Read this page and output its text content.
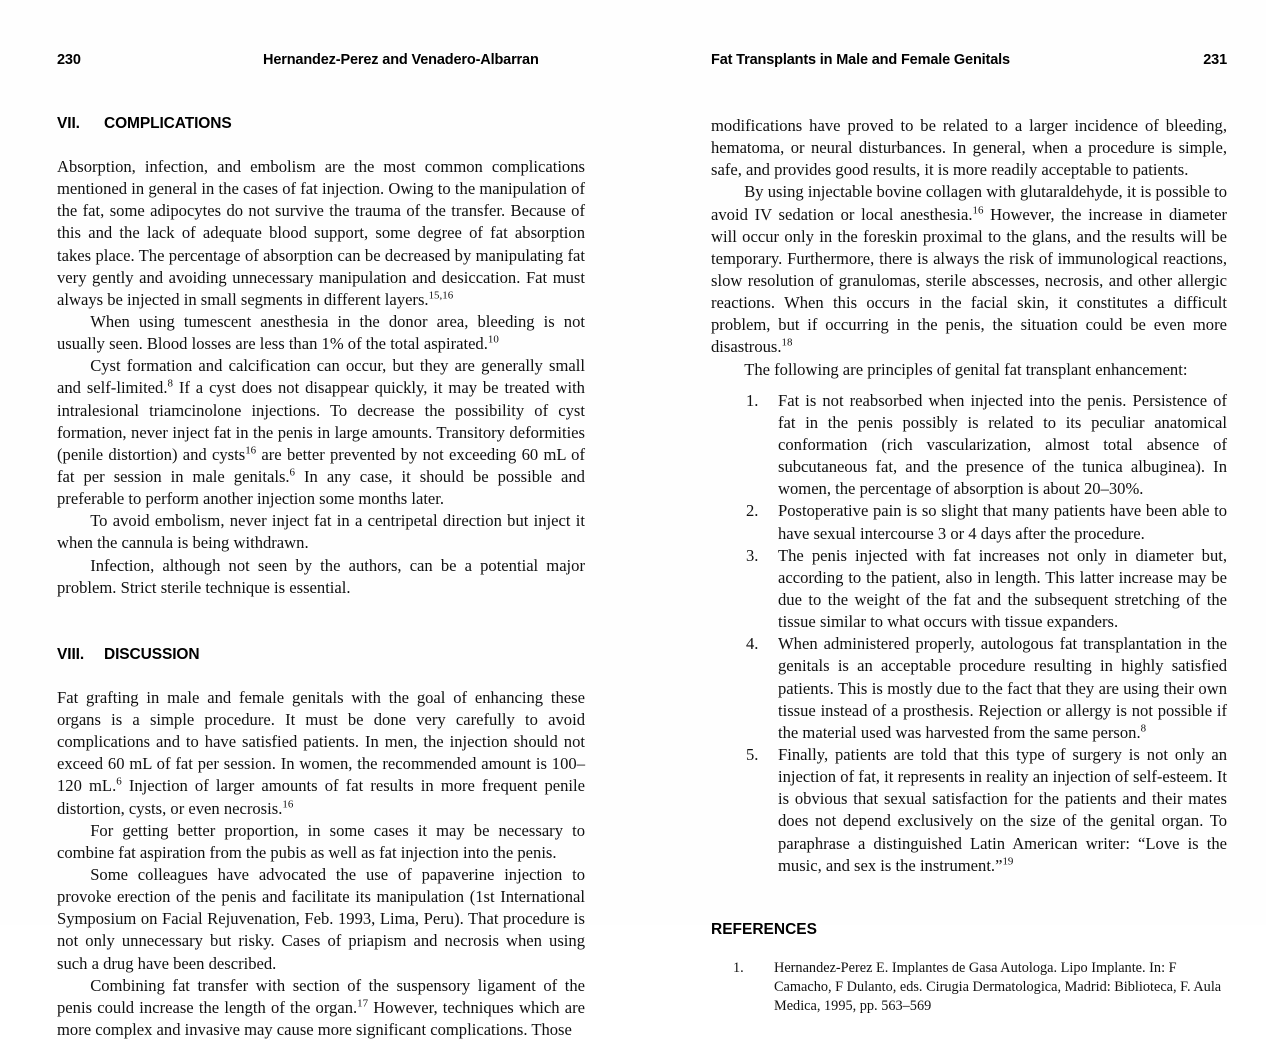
230	Hernandez-Perez and Venadero-Albarran
VII.	COMPLICATIONS

Absorption, infection, and embolism are the most common complications mentioned in general in the cases of fat injection. Owing to the manipulation of the fat, some adipocytes do not survive the trauma of the transfer. Because of this and the lack of adequate blood support, some degree of fat absorption takes place. The percentage of absorption can be decreased by manipulating fat very gently and avoiding unnecessary manipulation and desiccation. Fat must always be injected in small segments in different layers.$^{15,16}$

When using tumescent anesthesia in the donor area, bleeding is not usually seen. Blood losses are less than 1% of the total aspirated.$^{10}$

Cyst formation and calcification can occur, but they are generally small and self-limited.$^8$ If a cyst does not disappear quickly, it may be treated with intralesional triamcinolone injections. To decrease the possibility of cyst formation, never inject fat in the penis in large amounts. Transitory deformities (penile distortion) and cysts$^{16}$ are better prevented by not exceeding 60 mL of fat per session in male genitals.$^6$ In any case, it should be possible and preferable to perform another injection some months later.

To avoid embolism, never inject fat in a centripetal direction but inject it when the cannula is being withdrawn.

Infection, although not seen by the authors, can be a potential major problem. Strict sterile technique is essential.

VIII.	DISCUSSION

Fat grafting in male and female genitals with the goal of enhancing these organs is a simple procedure. It must be done very carefully to avoid complications and to have satisfied patients. In men, the injection should not exceed 60 mL of fat per session. In women, the recommended amount is 100–120 mL.$^6$ Injection of larger amounts of fat results in more frequent penile distortion, cysts, or even necrosis.$^{16}$

For getting better proportion, in some cases it may be necessary to combine fat aspiration from the pubis as well as fat injection into the penis.

Some colleagues have advocated the use of papaverine injection to provoke erection of the penis and facilitate its manipulation (1st International Symposium on Facial Rejuvenation, Feb. 1993, Lima, Peru). That procedure is not only unnecessary but risky. Cases of priapism and necrosis when using such a drug have been described.

Combining fat transfer with section of the suspensory ligament of the penis could increase the length of the organ.$^{17}$ However, techniques which are more complex and invasive may cause more significant complications. Those

Fat Transplants in Male and Female Genitals	231

modifications have proved to be related to a larger incidence of bleeding, hematoma, or neural disturbances. In general, when a procedure is simple, safe, and provides good results, it is more readily acceptable to patients.

By using injectable bovine collagen with glutaraldehyde, it is possible to avoid IV sedation or local anesthesia.$^{16}$ However, the increase in diameter will occur only in the foreskin proximal to the glans, and the results will be temporary. Furthermore, there is always the risk of immunological reactions, slow resolution of granulomas, sterile abscesses, necrosis, and other allergic reactions. When this occurs in the facial skin, it constitutes a difficult problem, but if occurring in the penis, the situation could be even more disastrous.$^{18}$

The following are principles of genital fat transplant enhancement:

1.	Fat is not reabsorbed when injected into the penis. Persistence of fat in the penis possibly is related to its peculiar anatomical conformation (rich vascularization, almost total absence of subcutaneous fat, and the presence of the tunica albuginea). In women, the percentage of absorption is about 20–30%.
2.	Postoperative pain is so slight that many patients have been able to have sexual intercourse 3 or 4 days after the procedure.
3.	The penis injected with fat increases not only in diameter but, according to the patient, also in length. This latter increase may be due to the weight of the fat and the subsequent stretching of the tissue similar to what occurs with tissue expanders.
4.	When administered properly, autologous fat transplantation in the genitals is an acceptable procedure resulting in highly satisfied patients. This is mostly due to the fact that they are using their own tissue instead of a prosthesis. Rejection or allergy is not possible if the material used was harvested from the same person.$^8$
5.	Finally, patients are told that this type of surgery is not only an injection of fat, it represents in reality an injection of self-esteem. It is obvious that sexual satisfaction for the patients and their mates does not depend exclusively on the size of the genital organ. To paraphrase a distinguished Latin American writer: “Love is the music, and sex is the instrument.”$^{19}$
REFERENCES
1.	Hernandez-Perez E. Implantes de Gasa Autologa. Lipo Implante. In: F Camacho, F Dulanto, eds. Cirugia Dermatologica, Madrid: Biblioteca, F. Aula Medica, 1995, pp. 563–569
